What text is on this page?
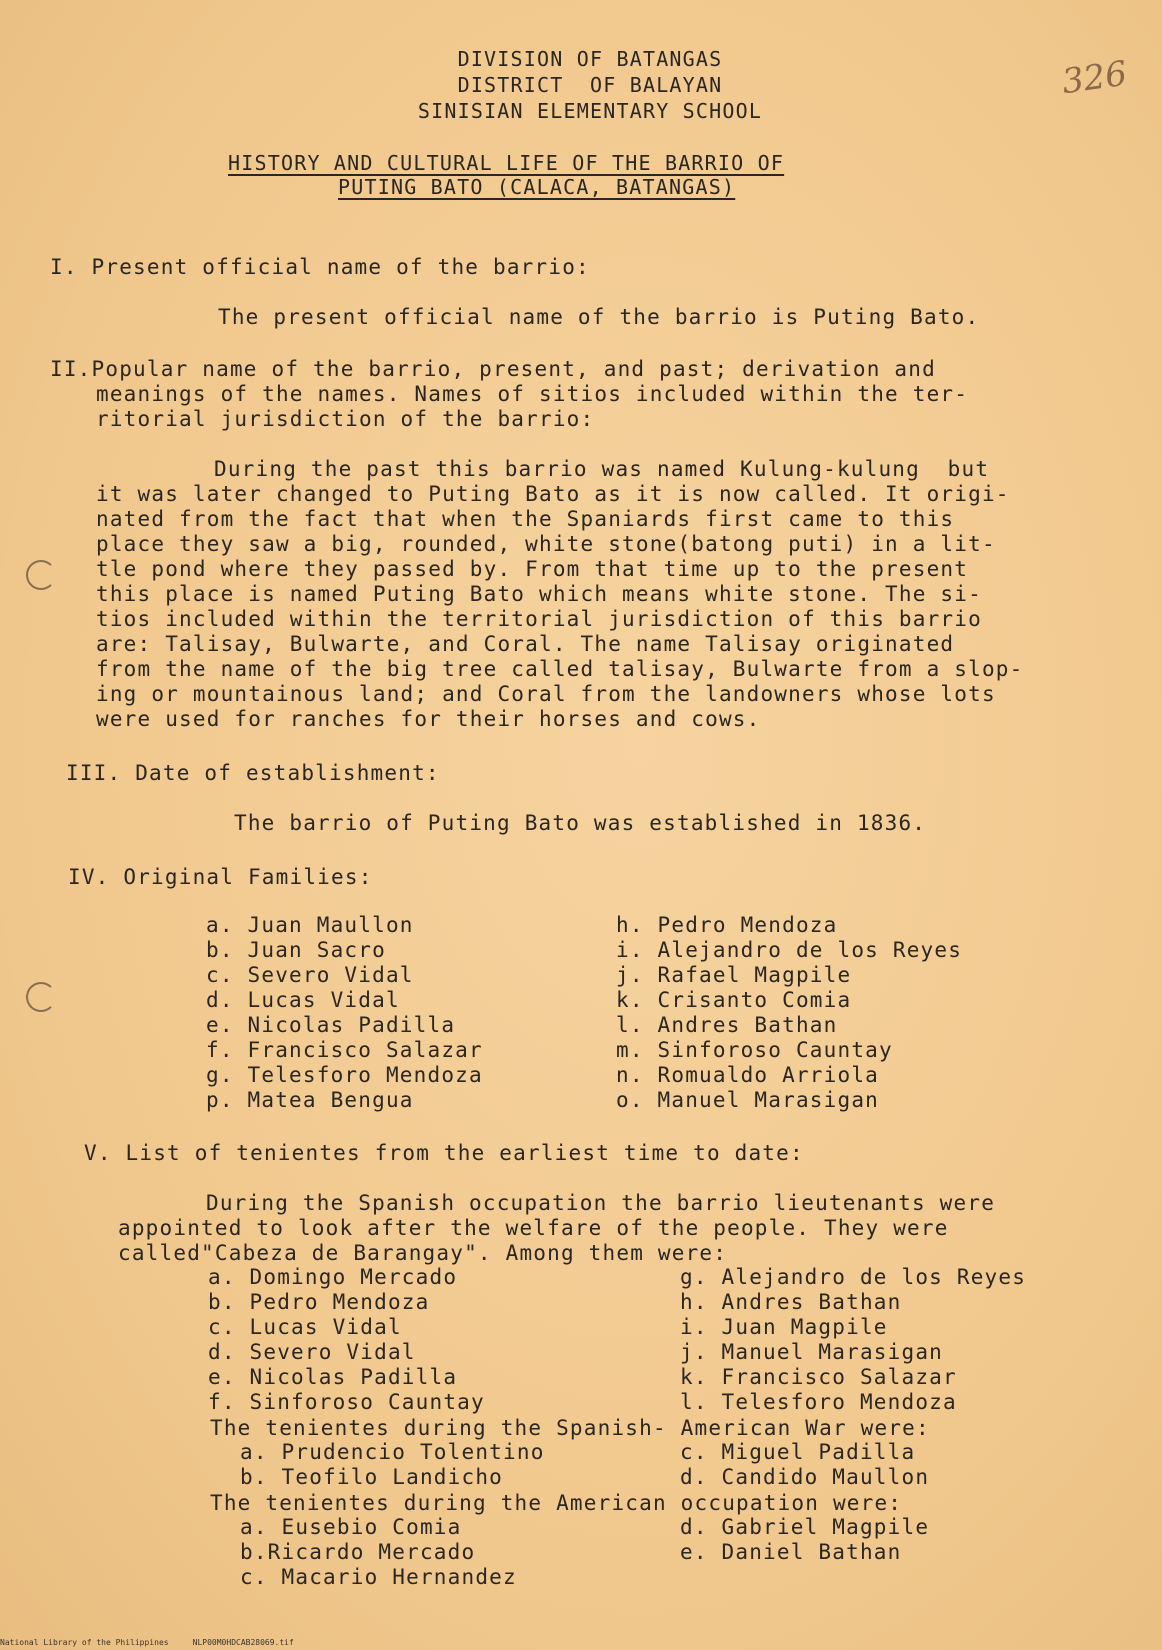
326
DIVISION OF BATANGAS
DISTRICT  OF BALAYAN
SINISIAN ELEMENTARY SCHOOL
HISTORY AND CULTURAL LIFE OF THE BARRIO OF
PUTING BATO (CALACA, BATANGAS)
I. Present official name of the barrio:
The present official name of the barrio is Puting Bato.
II.Popular name of the barrio, present, and past; derivation and
meanings of the names. Names of sitios included within the ter-
ritorial jurisdiction of the barrio:
During the past this barrio was named Kulung-kulung  but
it was later changed to Puting Bato as it is now called. It origi-
nated from the fact that when the Spaniards first came to this
place they saw a big, rounded, white stone(batong puti) in a lit-
tle pond where they passed by. From that time up to the present
this place is named Puting Bato which means white stone. The si-
tios included within the territorial jurisdiction of this barrio
are: Talisay, Bulwarte, and Coral. The name Talisay originated
from the name of the big tree called talisay, Bulwarte from a slop-
ing or mountainous land; and Coral from the landowners whose lots
were used for ranches for their horses and cows.
III. Date of establishment:
The barrio of Puting Bato was established in 1836.
IV. Original Families:
a. Juan Maullon	h. Pedro Mendoza
b. Juan Sacro	i. Alejandro de los Reyes
c. Severo Vidal	j. Rafael Magpile
d. Lucas Vidal	k. Crisanto Comia
e. Nicolas Padilla	l. Andres Bathan
f. Francisco Salazar	m. Sinforoso Cauntay
g. Telesforo Mendoza	n. Romualdo Arriola
p. Matea Bengua	o. Manuel Marasigan
V. List of tenientes from the earliest time to date:
During the Spanish occupation the barrio lieutenants were
appointed to look after the welfare of the people. They were
called"Cabeza de Barangay". Among them were:
a. Domingo Mercado	g. Alejandro de los Reyes
b. Pedro Mendoza	h. Andres Bathan
c. Lucas Vidal	i. Juan Magpile
d. Severo Vidal	j. Manuel Marasigan
e. Nicolas Padilla	k. Francisco Salazar
f. Sinforoso Cauntay	l. Telesforo Mendoza
The tenientes during the Spanish- American War were:
a. Prudencio Tolentino	c. Miguel Padilla
b. Teofilo Landicho	d. Candido Maullon
The tenientes during the American occupation were:
a. Eusebio Comia	d. Gabriel Magpile
b.Ricardo Mercado	e. Daniel Bathan
c. Macario Hernandez
National Library of the Philippines     NLP00M0HDCAB28069.tif
